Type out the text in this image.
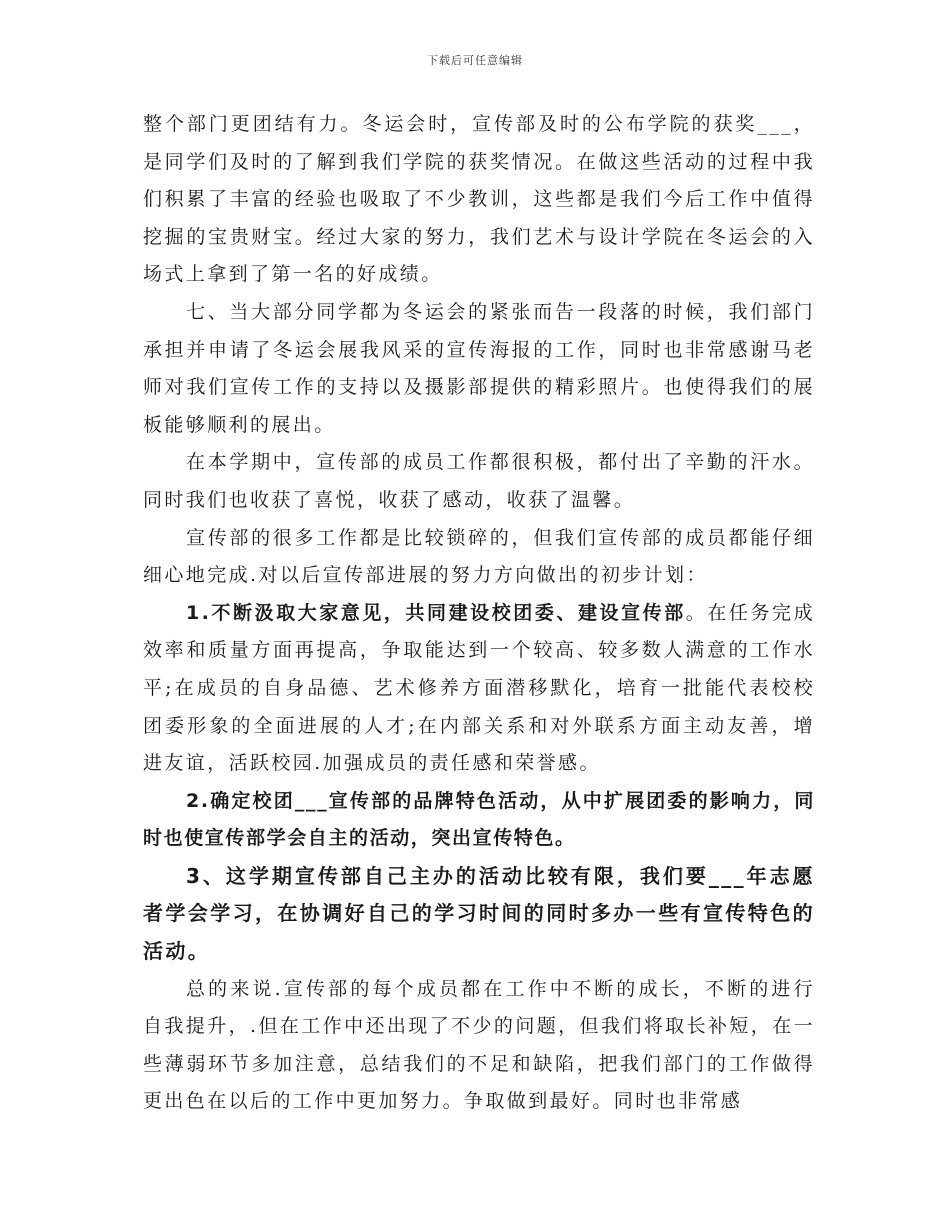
下载后可任意编辑

整个部门更团结有力。冬运会时，宣传部及时的公布学院的获奖___，是同学们及时的了解到我们学院的获奖情况。在做这些活动的过程中我们积累了丰富的经验也吸取了不少教训，这些都是我们今后工作中值得挖掘的宝贵财宝。经过大家的努力，我们艺术与设计学院在冬运会的入场式上拿到了第一名的好成绩。

七、当大部分同学都为冬运会的紧张而告一段落的时候，我们部门承担并申请了冬运会展我风采的宣传海报的工作，同时也非常感谢马老师对我们宣传工作的支持以及摄影部提供的精彩照片。也使得我们的展板能够顺利的展出。

在本学期中，宣传部的成员工作都很积极，都付出了辛勤的汗水。同时我们也收获了喜悦，收获了感动，收获了温馨。

宣传部的很多工作都是比较锁碎的，但我们宣传部的成员都能仔细细心地完成.对以后宣传部进展的努力方向做出的初步计划：

1.不断汲取大家意见，共同建设校团委、建设宣传部。在任务完成效率和质量方面再提高，争取能达到一个较高、较多数人满意的工作水平;在成员的自身品德、艺术修养方面潜移默化，培育一批能代表校校团委形象的全面进展的人才;在内部关系和对外联系方面主动友善，增进友谊，活跃校园.加强成员的责任感和荣誉感。

2.确定校团___宣传部的品牌特色活动，从中扩展团委的影响力，同时也使宣传部学会自主的活动，突出宣传特色。

3、这学期宣传部自己主办的活动比较有限，我们要___年志愿者学会学习，在协调好自己的学习时间的同时多办一些有宣传特色的活动。

总的来说.宣传部的每个成员都在工作中不断的成长，不断的进行自我提升，.但在工作中还出现了不少的问题，但我们将取长补短，在一些薄弱环节多加注意，总结我们的不足和缺陷，把我们部门的工作做得更出色在以后的工作中更加努力。争取做到最好。同时也非常感
